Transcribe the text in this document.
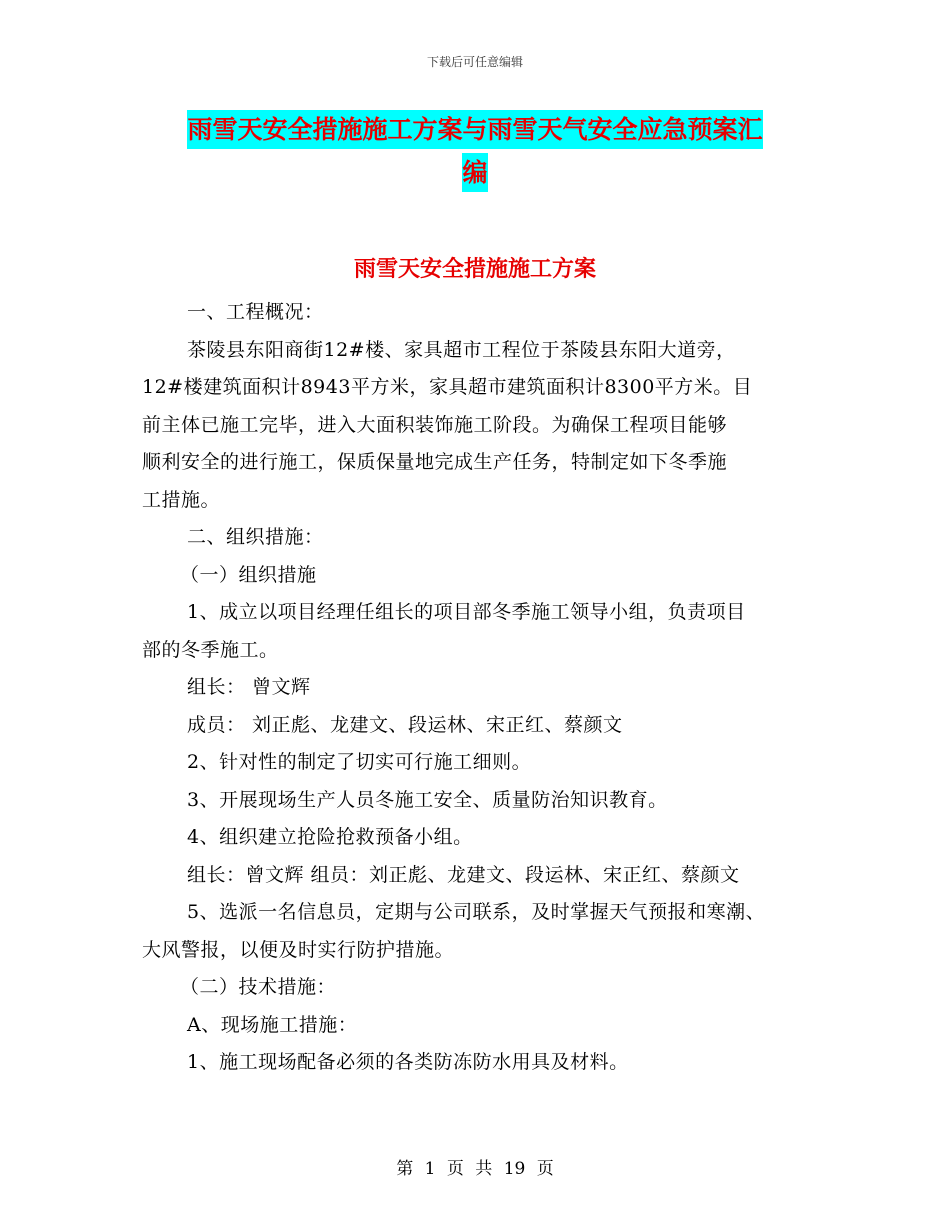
下载后可任意编辑
雨雪天安全措施施工方案与雨雪天气安全应急预案汇
编
雨雪天安全措施施工方案

一、工程概况：

茶陵县东阳商街12#楼、家具超市工程位于茶陵县东阳大道旁，

12#楼建筑面积计8943平方米，家具超市建筑面积计8300平方米。目

前主体已施工完毕，进入大面积装饰施工阶段。为确保工程项目能够

顺利安全的进行施工，保质保量地完成生产任务，特制定如下冬季施

工措施。

二、组织措施：

（一）组织措施

1、成立以项目经理任组长的项目部冬季施工领导小组，负责项目

部的冬季施工。

组长： 曾文辉

成员： 刘正彪、龙建文、段运林、宋正红、蔡颜文

2、针对性的制定了切实可行施工细则。

3、开展现场生产人员冬施工安全、质量防治知识教育。

4、组织建立抢险抢救预备小组。

组长：曾文辉 组员：刘正彪、龙建文、段运林、宋正红、蔡颜文

5、选派一名信息员，定期与公司联系，及时掌握天气预报和寒潮、

大风警报，以便及时实行防护措施。

（二）技术措施：

A、现场施工措施：

1、施工现场配备必须的各类防冻防水用具及材料。

第 1 页 共 19 页
